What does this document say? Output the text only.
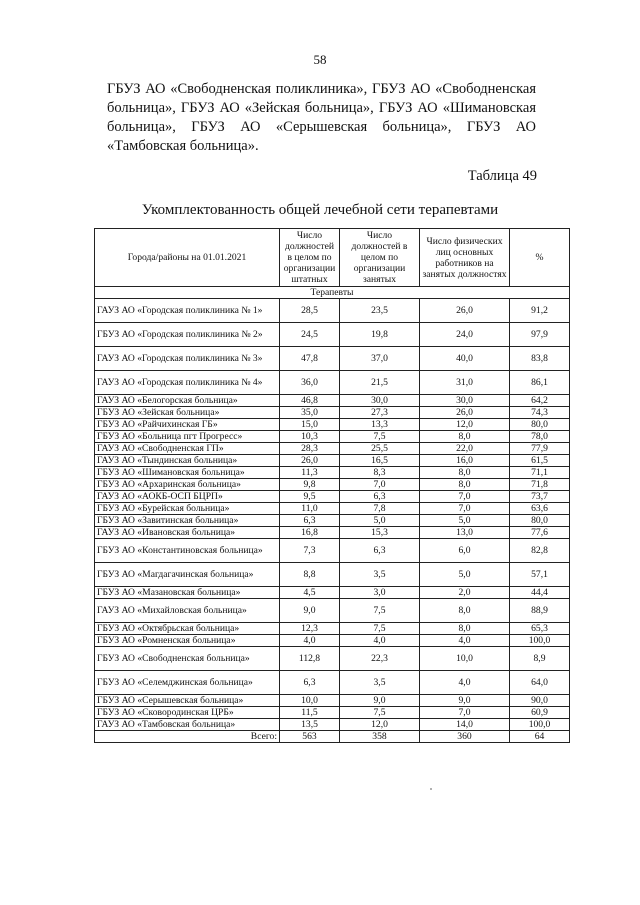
58
ГБУЗ АО «Свободненская поликлиника», ГБУЗ АО «Свободненская больница», ГБУЗ АО «Зейская больница», ГБУЗ АО «Шимановская больница», ГБУЗ АО «Серышевская больница», ГБУЗ АО «Тамбовская больница».
Таблица 49
Укомплектованность общей лечебной сети терапевтами
Города/районы на 01.01.2021	Число должностей в целом по организации штатных	Число должностей в целом по организации занятых	Число физических лиц основных работников на занятых должностях	%
Терапевты				
ГАУЗ АО «Городская поликлиника № 1»	28,5	23,5	26,0	91,2
ГБУЗ АО «Городская поликлиника № 2»	24,5	19,8	24,0	97,9
ГАУЗ АО «Городская поликлиника № 3»	47,8	37,0	40,0	83,8
ГАУЗ АО «Городская поликлиника № 4»	36,0	21,5	31,0	86,1
ГАУЗ АО «Белогорская больница»	46,8	30,0	30,0	64,2
ГБУЗ АО «Зейская больница»	35,0	27,3	26,0	74,3
ГБУЗ АО «Райчихинская ГБ»	15,0	13,3	12,0	80,0
ГБУЗ АО «Больница пгт Прогресс»	10,3	7,5	8,0	78,0
ГАУЗ АО «Свободненская ГП»	28,3	25,5	22,0	77,9
ГАУЗ АО «Тындинская больница»	26,0	16,5	16,0	61,5
ГБУЗ АО «Шимановская больница»	11,3	8,3	8,0	71,1
ГБУЗ АО «Архаринская больница»	9,8	7,0	8,0	71,8
ГАУЗ АО «АОКБ-ОСП БЦРП»	9,5	6,3	7,0	73,7
ГБУЗ АО «Бурейская больница»	11,0	7,8	7,0	63,6
ГБУЗ АО «Завитинская больница»	6,3	5,0	5,0	80,0
ГАУЗ АО «Ивановская больница»	16,8	15,3	13,0	77,6
ГБУЗ АО «Константиновская больница»	7,3	6,3	6,0	82,8
ГБУЗ АО «Магдагачинская больница»	8,8	3,5	5,0	57,1
ГБУЗ АО «Мазановская больница»	4,5	3,0	2,0	44,4
ГАУЗ АО «Михайловская больница»	9,0	7,5	8,0	88,9
ГБУЗ АО «Октябрьская больница»	12,3	7,5	8,0	65,3
ГБУЗ АО «Ромненская больница»	4,0	4,0	4,0	100,0
ГБУЗ АО «Свободненская больница»	112,8	22,3	10,0	8,9
ГБУЗ АО «Селемджинская больница»	6,3	3,5	4,0	64,0
ГБУЗ АО «Серышевская больница»	10,0	9,0	9,0	90,0
ГБУЗ АО «Сковородинская ЦРБ»	11,5	7,5	7,0	60,9
ГАУЗ АО «Тамбовская больница»	13,5	12,0	14,0	100,0
Всего:	563	358	360	64
